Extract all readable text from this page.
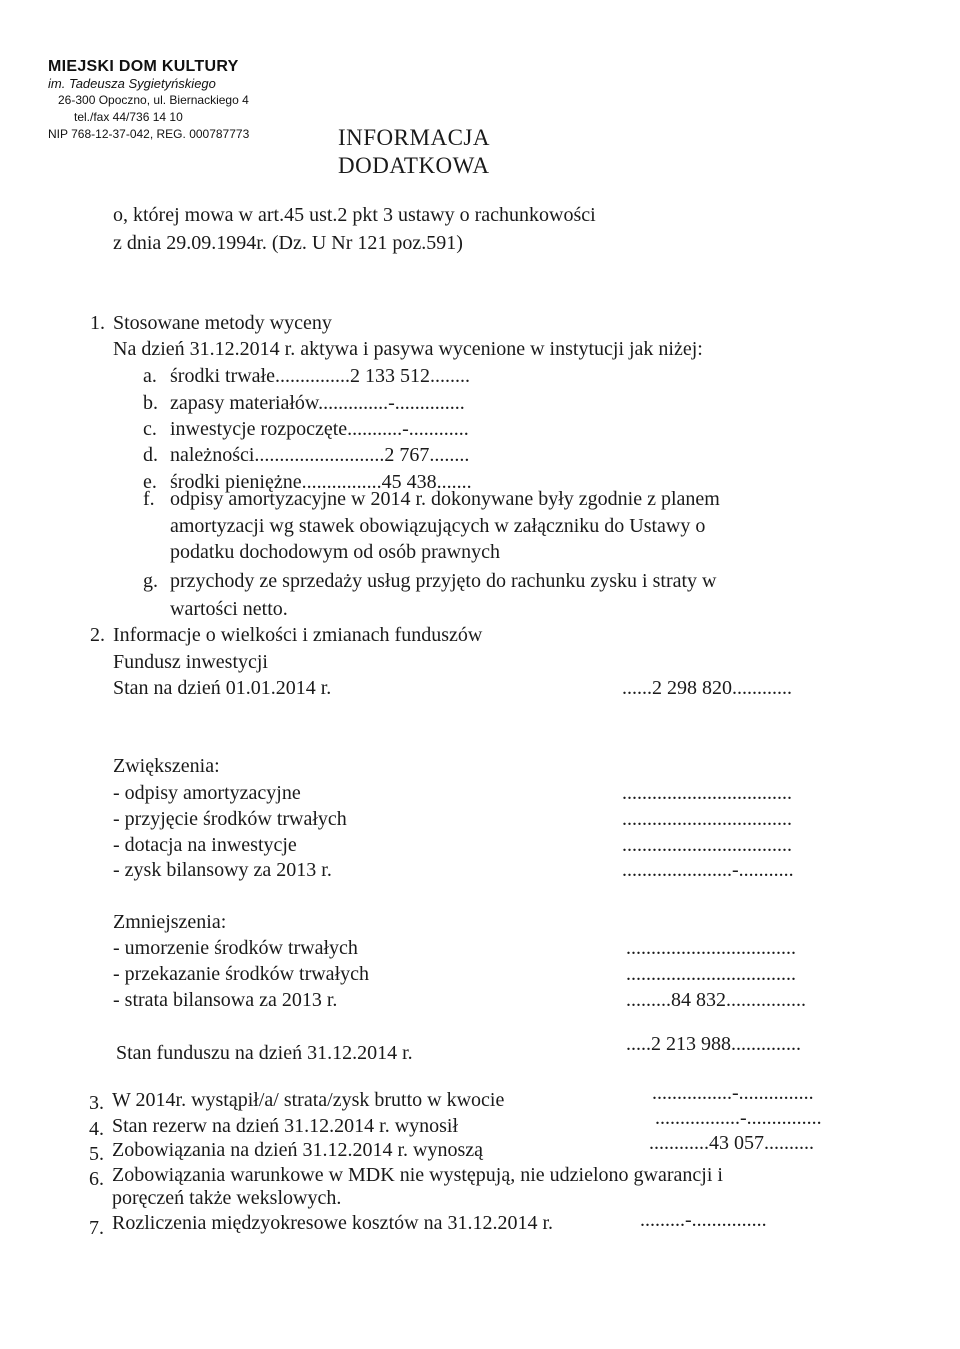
MIEJSKI DOM KULTURY
im. Tadeusza Sygietyńskiego
26-300 Opoczno, ul. Biernackiego 4
tel./fax 44/736 14 10
NIP 768-12-37-042, REG. 000787773	INFORMACJA
DODATKOWA
o, której mowa w art.45 ust.2 pkt 3 ustawy o rachunkowości
z dnia 29.09.1994r. (Dz. U Nr 121 poz.591)
1. Stosowane metody wyceny
Na dzień 31.12.2014 r. aktywa i pasywa wycenione w instytucji jak niżej:
a. środki trwałe...............2 133 512........
b. zapasy materiałów..............-..............
c. inwestycje rozpoczęte...........-............
d. należności..........................2 767........
e. środki pieniężne................45 438.......
f. odpisy amortyzacyjne w 2014 r. dokonywane były zgodnie z planem
amortyzacji wg stawek obowiązujących w załączniku do Ustawy o
podatku dochodowym od osób prawnych
g. przychody ze sprzedaży usług przyjęto do rachunku zysku i straty w
wartości netto.
2. Informacje o wielkości i zmianach funduszów
Fundusz inwestycji
Stan na dzień 01.01.2014 r.	......2 298 820............
Zwiększenia:
- odpisy amortyzacyjne	..................................
- przyjęcie środków trwałych	..................................
- dotacja na inwestycje	..................................
- zysk bilansowy za 2013 r.	......................-...........
Zmniejszenia:
- umorzenie środków trwałych	..................................
- przekazanie środków trwałych	..................................
- strata bilansowa za 2013 r.	.........84 832................
Stan funduszu na dzień 31.12.2014 r.	.....2 213 988..............
3. W 2014r. wystąpił/a/ strata/zysk brutto w kwocie	................-...............
4. Stan rezerw na dzień 31.12.2014 r. wynosił	.................-...............
5. Zobowiązania na dzień 31.12.2014 r. wynoszą	............43 057..........
6. Zobowiązania warunkowe w MDK nie występują, nie udzielono gwarancji i
poręczeń także wekslowych.
7. Rozliczenia międzyokresowe kosztów na 31.12.2014 r.	.........-...............
